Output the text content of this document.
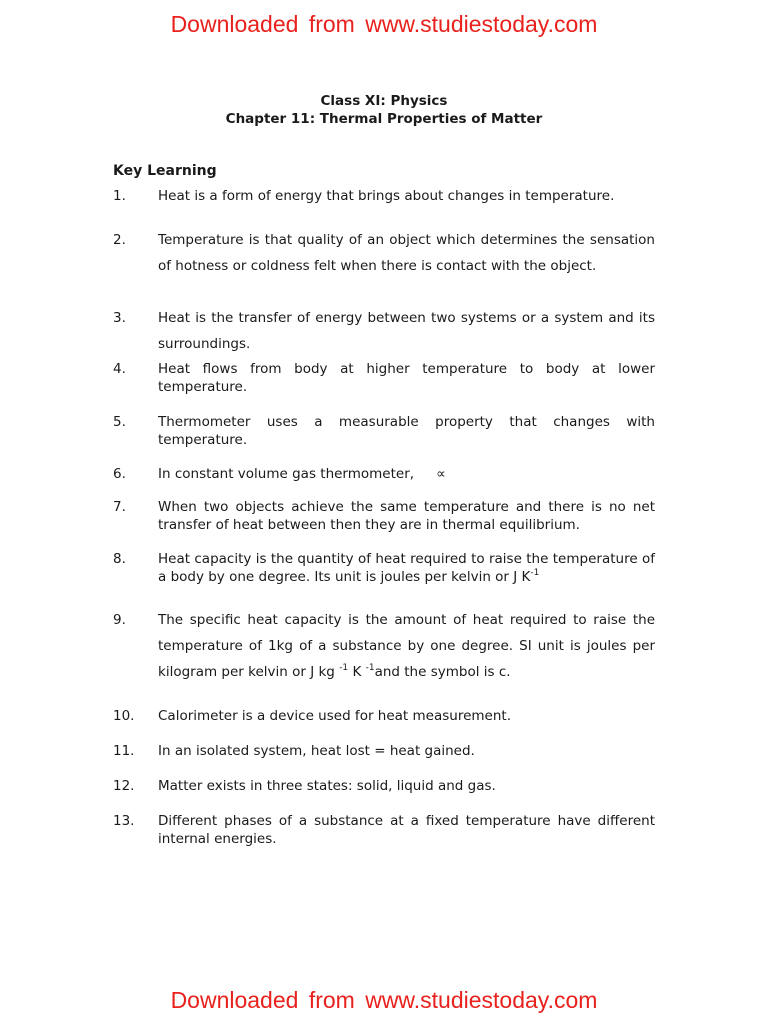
Downloaded from www.studiestoday.com
Class XI: Physics
Chapter 11: Thermal Properties of Matter
Key Learning
1.	Heat is a form of energy that brings about changes in temperature.
2.	Temperature is that quality of an object which determines the sensation of hotness or coldness felt when there is contact with the object.
3.	Heat is the transfer of energy between two systems or a system and its surroundings.
4.	Heat flows from body at higher temperature to body at lower temperature.
5.	Thermometer uses a measurable property that changes with temperature.
6.	In constant volume gas thermometer, ∝
7.	When two objects achieve the same temperature and there is no net transfer of heat between then they are in thermal equilibrium.
8.	Heat capacity is the quantity of heat required to raise the temperature of a body by one degree. Its unit is joules per kelvin or J $K^{-1}$
9.	The specific heat capacity is the amount of heat required to raise the temperature of 1kg of a substance by one degree. SI unit is joules per kilogram per kelvin or J kg $^{-1}$ K $^{-1}$and the symbol is c.
10.	Calorimeter is a device used for heat measurement.
11.	In an isolated system, heat lost = heat gained.
12.	Matter exists in three states: solid, liquid and gas.
13.	Different phases of a substance at a fixed temperature have different internal energies.
Downloaded from www.studiestoday.com
